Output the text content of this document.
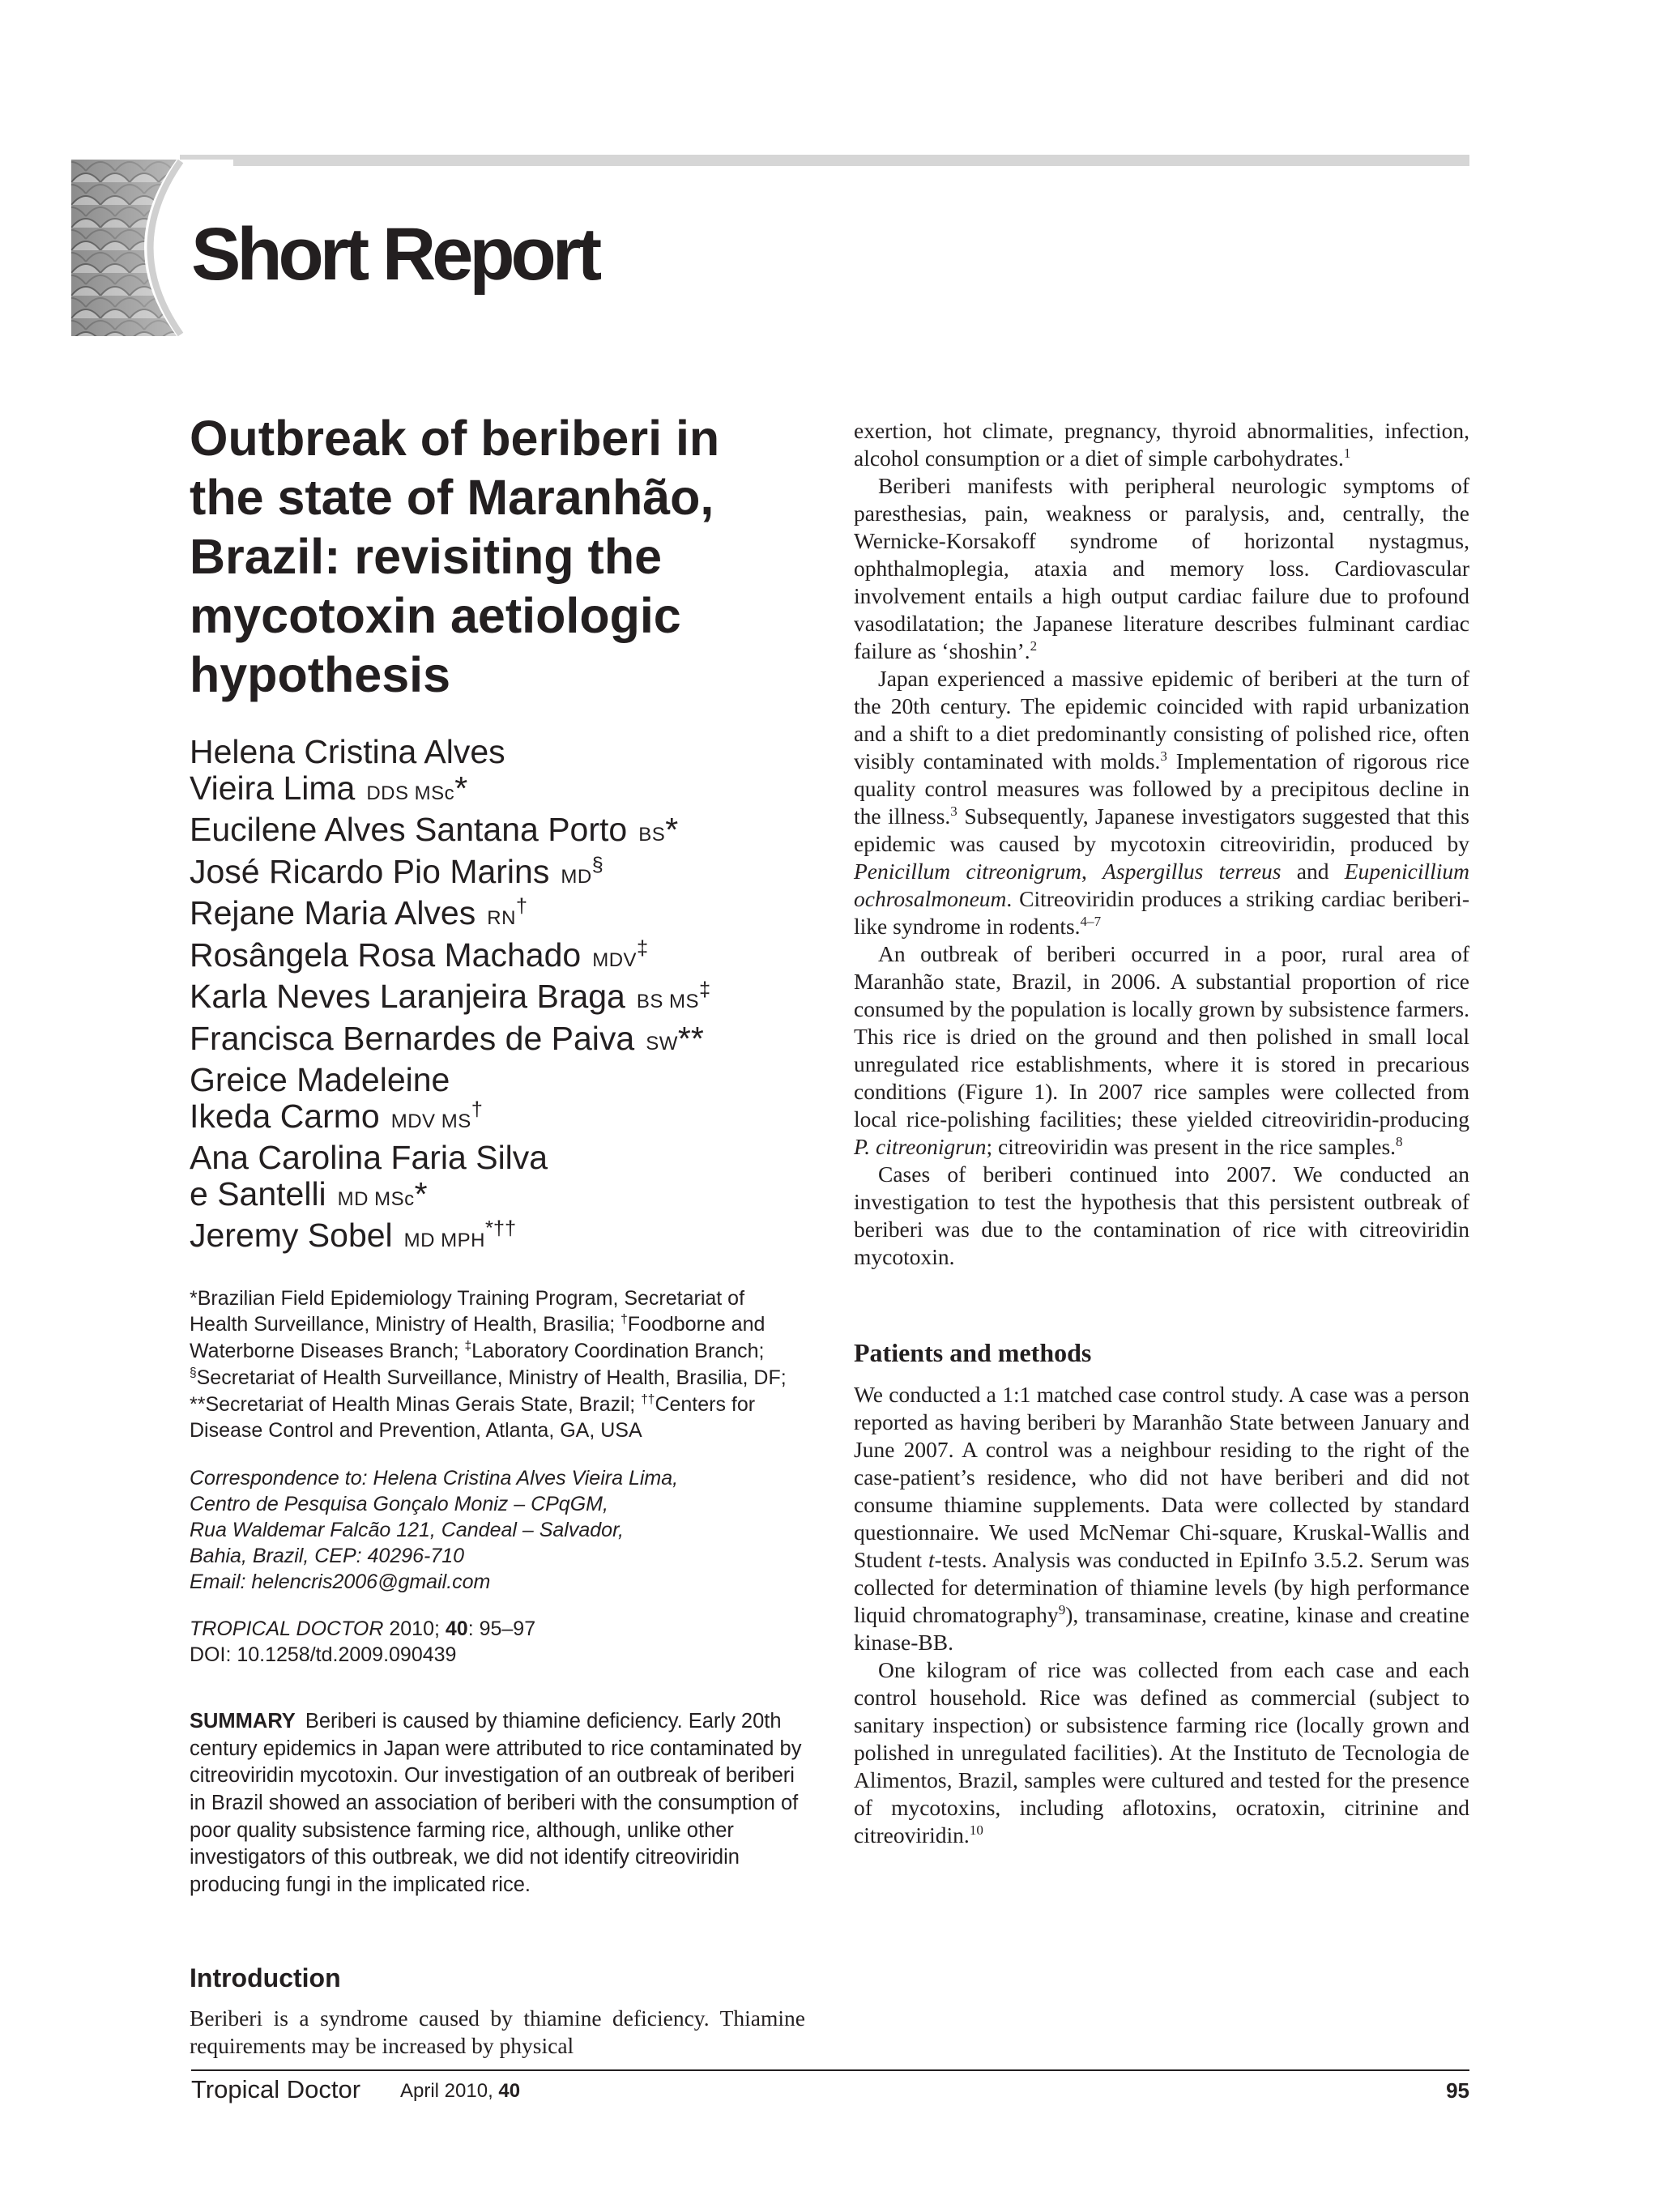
Short Report
Outbreak of beriberi in the state of Maranhão, Brazil: revisiting the mycotoxin aetiologic hypothesis
Helena Cristina Alves
Vieira Lima DDS MSc*
Eucilene Alves Santana Porto BS*
José Ricardo Pio Marins MD§
Rejane Maria Alves RN†
Rosângela Rosa Machado MDV‡
Karla Neves Laranjeira Braga BS MS‡
Francisca Bernardes de Paiva SW**
Greice Madeleine
Ikeda Carmo MDV MS†
Ana Carolina Faria Silva
e Santelli MD MSc*
Jeremy Sobel MD MPH*††
*Brazilian Field Epidemiology Training Program, Secretariat of Health Surveillance, Ministry of Health, Brasilia; †Foodborne and Waterborne Diseases Branch; ‡Laboratory Coordination Branch; §Secretariat of Health Surveillance, Ministry of Health, Brasilia, DF; **Secretariat of Health Minas Gerais State, Brazil; ††Centers for Disease Control and Prevention, Atlanta, GA, USA
Correspondence to: Helena Cristina Alves Vieira Lima,
Centro de Pesquisa Gonçalo Moniz – CPqGM,
Rua Waldemar Falcão 121, Candeal – Salvador,
Bahia, Brazil, CEP: 40296-710
Email: helencris2006@gmail.com
TROPICAL DOCTOR 2010; 40: 95–97
DOI: 10.1258/td.2009.090439
SUMMARY Beriberi is caused by thiamine deficiency. Early 20th century epidemics in Japan were attributed to rice contaminated by citreoviridin mycotoxin. Our investigation of an outbreak of beriberi in Brazil showed an association of beriberi with the consumption of poor quality subsistence farming rice, although, unlike other investigators of this outbreak, we did not identify citreoviridin producing fungi in the implicated rice.
Introduction
Beriberi is a syndrome caused by thiamine deficiency. Thiamine requirements may be increased by physical

exertion, hot climate, pregnancy, thyroid abnormalities, infection, alcohol consumption or a diet of simple carbohydrates.$^1$

Beriberi manifests with peripheral neurologic symptoms of paresthesias, pain, weakness or paralysis, and, centrally, the Wernicke-Korsakoff syndrome of horizontal nystagmus, ophthalmoplegia, ataxia and memory loss. Cardiovascular involvement entails a high output cardiac failure due to profound vasodilatation; the Japanese literature describes fulminant cardiac failure as ‘shoshin’.$^2$

Japan experienced a massive epidemic of beriberi at the turn of the 20th century. The epidemic coincided with rapid urbanization and a shift to a diet predominantly consisting of polished rice, often visibly contaminated with molds.$^3$ Implementation of rigorous rice quality control measures was followed by a precipitous decline in the illness.$^3$ Subsequently, Japanese investigators suggested that this epidemic was caused by mycotoxin citreoviridin, produced by Penicillum citreonigrum, Aspergillus terreus and Eupenicillium ochrosalmoneum. Citreoviridin produces a striking cardiac beriberi-like syndrome in rodents.$^{4-7}$

An outbreak of beriberi occurred in a poor, rural area of Maranhão state, Brazil, in 2006. A substantial proportion of rice consumed by the population is locally grown by subsistence farmers. This rice is dried on the ground and then polished in small local unregulated rice establishments, where it is stored in precarious conditions (Figure 1). In 2007 rice samples were collected from local rice-polishing facilities; these yielded citreoviridin-producing P. citreonigrun; citreoviridin was present in the rice samples.$^8$

Cases of beriberi continued into 2007. We conducted an investigation to test the hypothesis that this persistent outbreak of beriberi was due to the contamination of rice with citreoviridin mycotoxin.

Patients and methods

We conducted a 1:1 matched case control study. A case was a person reported as having beriberi by Maranhão State between January and June 2007. A control was a neighbour residing to the right of the case-patient’s residence, who did not have beriberi and did not consume thiamine supplements. Data were collected by standard questionnaire. We used McNemar Chi-square, Kruskal-Wallis and Student t-tests. Analysis was conducted in EpiInfo 3.5.2. Serum was collected for determination of thiamine levels (by high performance liquid chromatography$^9$), transaminase, creatine, kinase and creatine kinase-BB.

One kilogram of rice was collected from each case and each control household. Rice was defined as commercial (subject to sanitary inspection) or subsistence farming rice (locally grown and polished in unregulated facilities). At the Instituto de Tecnologia de Alimentos, Brazil, samples were cultured and tested for the presence of mycotoxins, including aflotoxins, ocratoxin, citrinine and citreoviridin.$^{10}$

Tropical Doctor April 2010, 40	95
